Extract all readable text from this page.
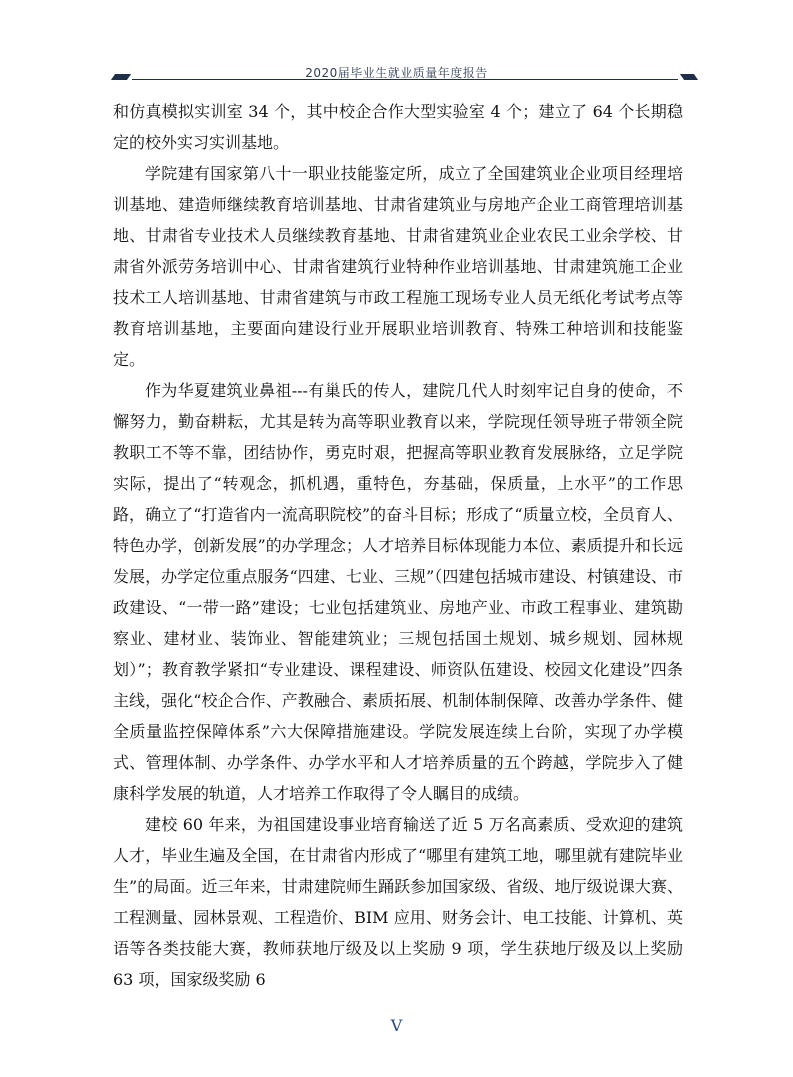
2020届毕业生就业质量年度报告
和仿真模拟实训室 34 个，其中校企合作大型实验室 4 个；建立了 64 个长期稳定的校外实习实训基地。
学院建有国家第八十一职业技能鉴定所，成立了全国建筑业企业项目经理培训基地、建造师继续教育培训基地、甘肃省建筑业与房地产企业工商管理培训基地、甘肃省专业技术人员继续教育基地、甘肃省建筑业企业农民工业余学校、甘肃省外派劳务培训中心、甘肃省建筑行业特种作业培训基地、甘肃建筑施工企业技术工人培训基地、甘肃省建筑与市政工程施工现场专业人员无纸化考试考点等教育培训基地，主要面向建设行业开展职业培训教育、特殊工种培训和技能鉴定。
作为华夏建筑业鼻祖---有巢氏的传人，建院几代人时刻牢记自身的使命，不懈努力，勤奋耕耘，尤其是转为高等职业教育以来，学院现任领导班子带领全院教职工不等不靠，团结协作，勇克时艰，把握高等职业教育发展脉络，立足学院实际，提出了“转观念，抓机遇，重特色，夯基础，保质量，上水平”的工作思路，确立了“打造省内一流高职院校”的奋斗目标；形成了“质量立校，全员育人、特色办学，创新发展”的办学理念；人才培养目标体现能力本位、素质提升和长远发展，办学定位重点服务“四建、七业、三规”（四建包括城市建设、村镇建设、市政建设、“一带一路”建设；七业包括建筑业、房地产业、市政工程事业、建筑勘察业、建材业、装饰业、智能建筑业；三规包括国土规划、城乡规划、园林规划）”；教育教学紧扣“专业建设、课程建设、师资队伍建设、校园文化建设”四条主线，强化“校企合作、产教融合、素质拓展、机制体制保障、改善办学条件、健全质量监控保障体系”六大保障措施建设。学院发展连续上台阶，实现了办学模式、管理体制、办学条件、办学水平和人才培养质量的五个跨越，学院步入了健康科学发展的轨道，人才培养工作取得了令人瞩目的成绩。
建校 60 年来，为祖国建设事业培育输送了近 5 万名高素质、受欢迎的建筑人才，毕业生遍及全国，在甘肃省内形成了“哪里有建筑工地，哪里就有建院毕业生”的局面。近三年来，甘肃建院师生踊跃参加国家级、省级、地厅级说课大赛、工程测量、园林景观、工程造价、BIM 应用、财务会计、电工技能、计算机、英语等各类技能大赛，教师获地厅级及以上奖励 9 项，学生获地厅级及以上奖励 63 项，国家级奖励 6
V
